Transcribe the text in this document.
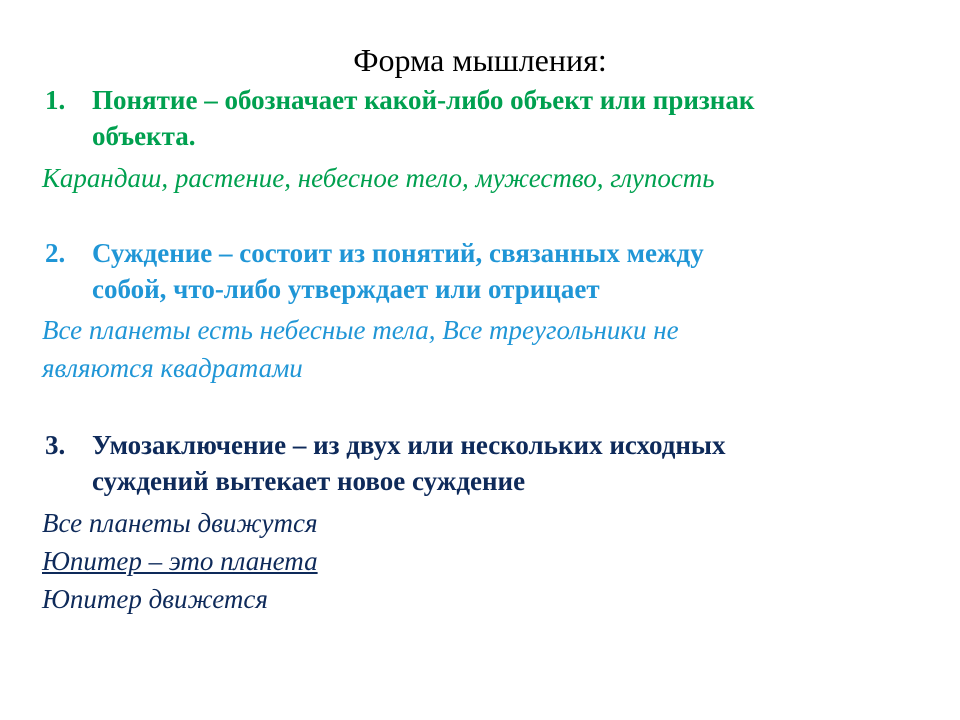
Форма мышления:
1. Понятие – обозначает какой-либо объект или признак
объекта.
Карандаш, растение, небесное тело, мужество, глупость
2. Суждение – состоит из понятий, связанных между
собой, что-либо утверждает или отрицает
Все планеты есть небесные тела, Все треугольники не
являются квадратами
3. Умозаключение – из двух или нескольких исходных
суждений вытекает новое суждение
Все планеты движутся
Юпитер – это планета
Юпитер движется
